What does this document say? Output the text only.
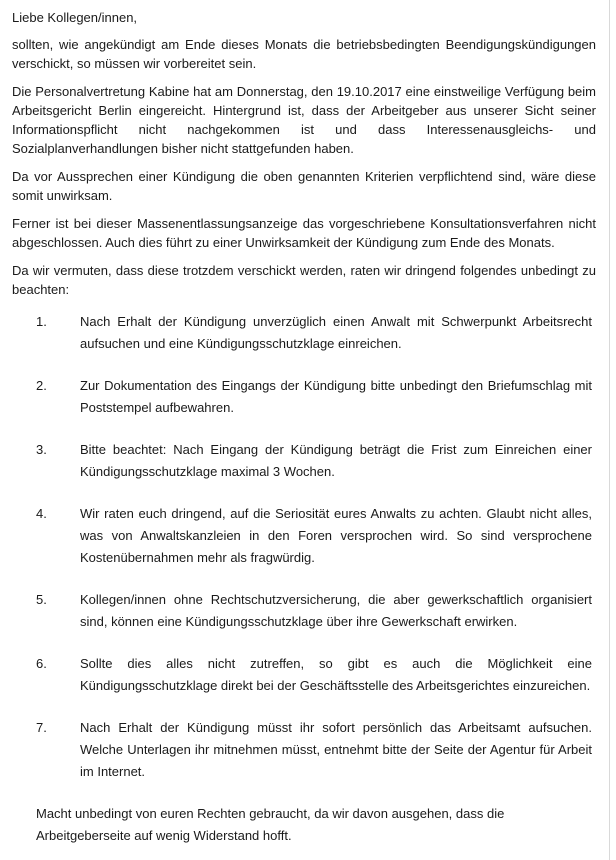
Liebe Kollegen/innen,

sollten, wie angekündigt am Ende dieses Monats die betriebsbedingten Beendigungskündigungen verschickt, so müssen wir vorbereitet sein.

Die Personalvertretung Kabine hat am Donnerstag, den 19.10.2017 eine einstweilige Verfügung beim Arbeitsgericht Berlin eingereicht. Hintergrund ist, dass der Arbeitgeber aus unserer Sicht seiner Informationspflicht nicht nachgekommen ist und dass Interessenausgleichs- und Sozialplanverhandlungen bisher nicht stattgefunden haben.

Da vor Aussprechen einer Kündigung die oben genannten Kriterien verpflichtend sind, wäre diese somit unwirksam.

Ferner ist bei dieser Massenentlassungsanzeige das vorgeschriebene Konsultationsverfahren nicht abgeschlossen. Auch dies führt zu einer Unwirksamkeit der Kündigung zum Ende des Monats.

Da wir vermuten, dass diese trotzdem verschickt werden, raten wir dringend folgendes unbedingt zu beachten:

1.	Nach Erhalt der Kündigung unverzüglich einen Anwalt mit Schwerpunkt Arbeitsrecht aufsuchen und eine Kündigungsschutzklage einreichen.
2.	Zur Dokumentation des Eingangs der Kündigung bitte unbedingt den Briefumschlag mit Poststempel aufbewahren.
3.	Bitte beachtet: Nach Eingang der Kündigung beträgt die Frist zum Einreichen einer Kündigungsschutzklage maximal 3 Wochen.
4.	Wir raten euch dringend, auf die Seriosität eures Anwalts zu achten. Glaubt nicht alles, was von Anwaltskanzleien in den Foren versprochen wird. So sind versprochene Kostenübernahmen mehr als fragwürdig.
5.	Kollegen/innen ohne Rechtschutzversicherung, die aber gewerkschaftlich organisiert sind, können eine Kündigungsschutzklage über ihre Gewerkschaft erwirken.
6.	Sollte dies alles nicht zutreffen, so gibt es auch die Möglichkeit eine Kündigungsschutzklage direkt bei der Geschäftsstelle des Arbeitsgerichtes einzureichen.
7.	Nach Erhalt der Kündigung müsst ihr sofort persönlich das Arbeitsamt aufsuchen. Welche Unterlagen ihr mitnehmen müsst, entnehmt bitte der Seite der Agentur für Arbeit im Internet.

Macht unbedingt von euren Rechten gebraucht, da wir davon ausgehen, dass die Arbeitgeberseite auf wenig Widerstand hofft.
